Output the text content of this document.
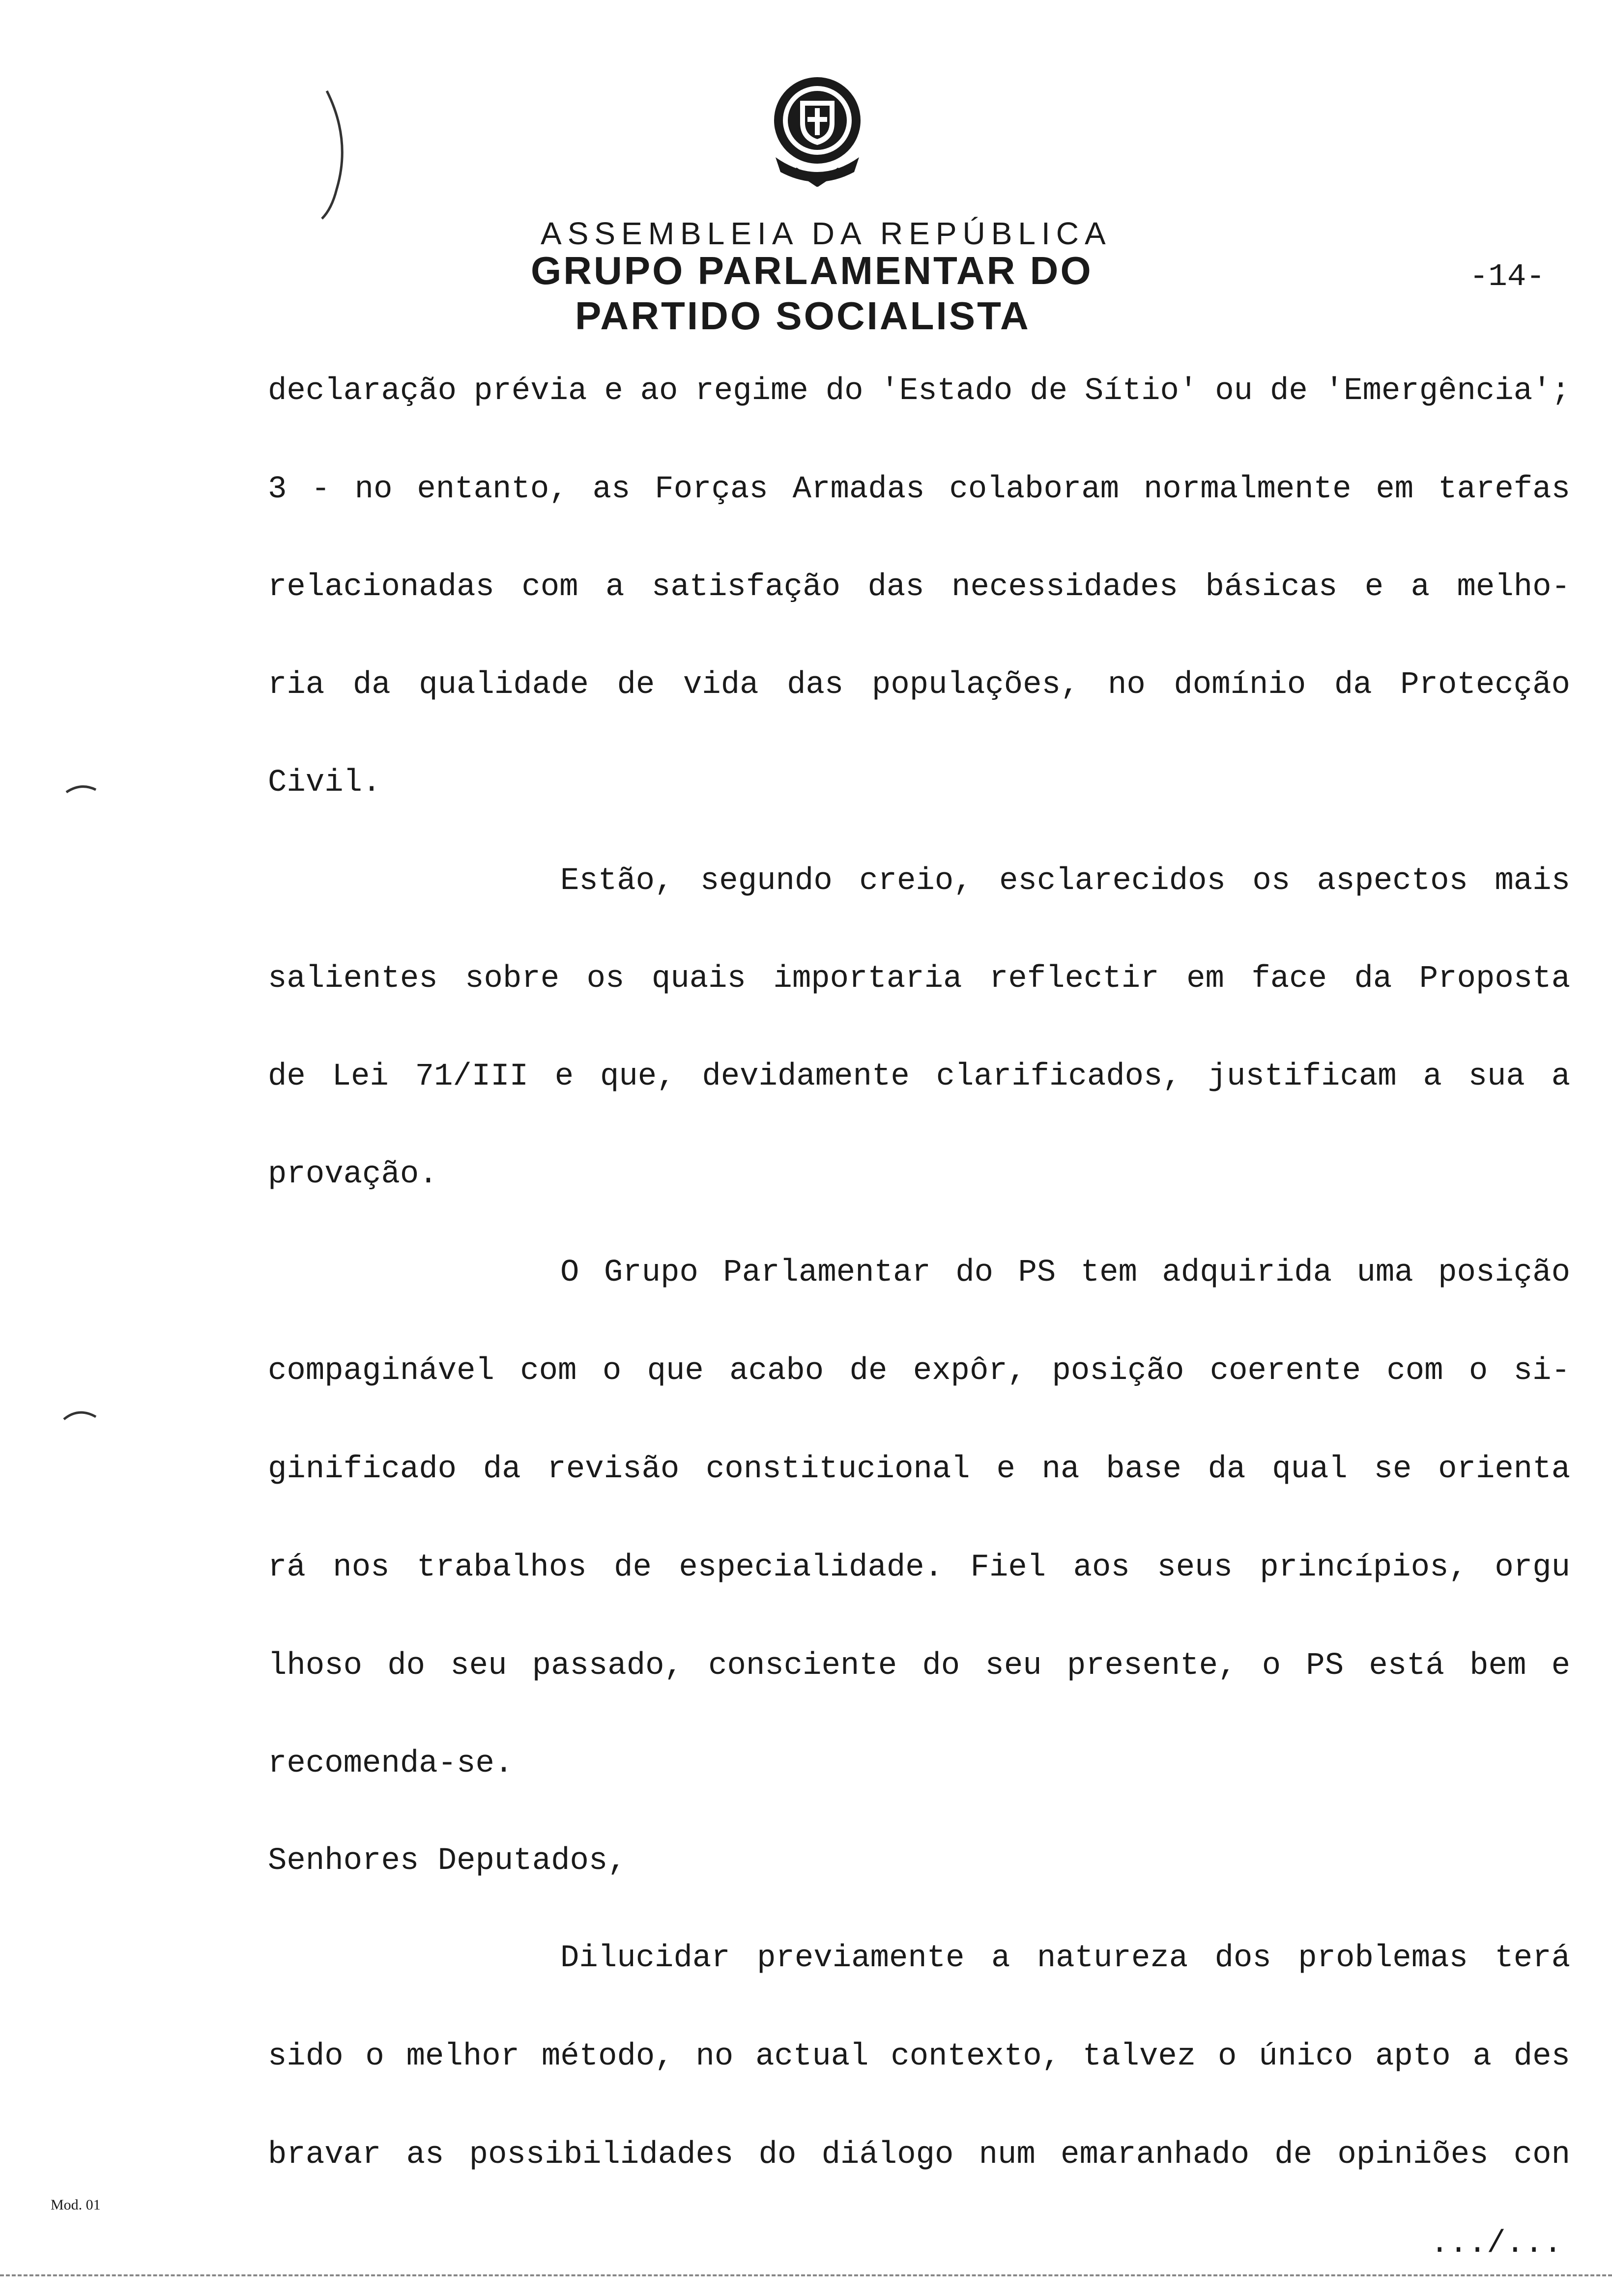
ASSEMBLEIA DA REPÚBLICA
GRUPO PARLAMENTAR DO
PARTIDO SOCIALISTA
-14-
declaração prévia e ao regime do 'Estado de Sítio' ou de 'Emergência';
3 - no entanto, as Forças Armadas colaboram normalmente em tarefas
relacionadas com a satisfação das necessidades básicas e a melho-
ria da qualidade de vida das populações, no domínio da Protecção
Civil.
Estão, segundo creio, esclarecidos os aspectos mais
salientes sobre os quais importaria reflectir em face da Proposta
de Lei 71/III e que, devidamente clarificados, justificam a sua a
provação.
O Grupo Parlamentar do PS tem adquirida uma posição
compaginável com o que acabo de expôr, posição coerente com o si-
ginificado da revisão constitucional e na base da qual se orienta
rá nos trabalhos de especialidade. Fiel aos seus princípios, orgu
lhoso do seu passado, consciente do seu presente, o PS está bem e
recomenda-se.
Senhores Deputados,
Dilucidar previamente a natureza dos problemas terá
sido o melhor método, no actual contexto, talvez o único apto a des
bravar as possibilidades do diálogo num emaranhado de opiniões con
Mod. 01
.../...
